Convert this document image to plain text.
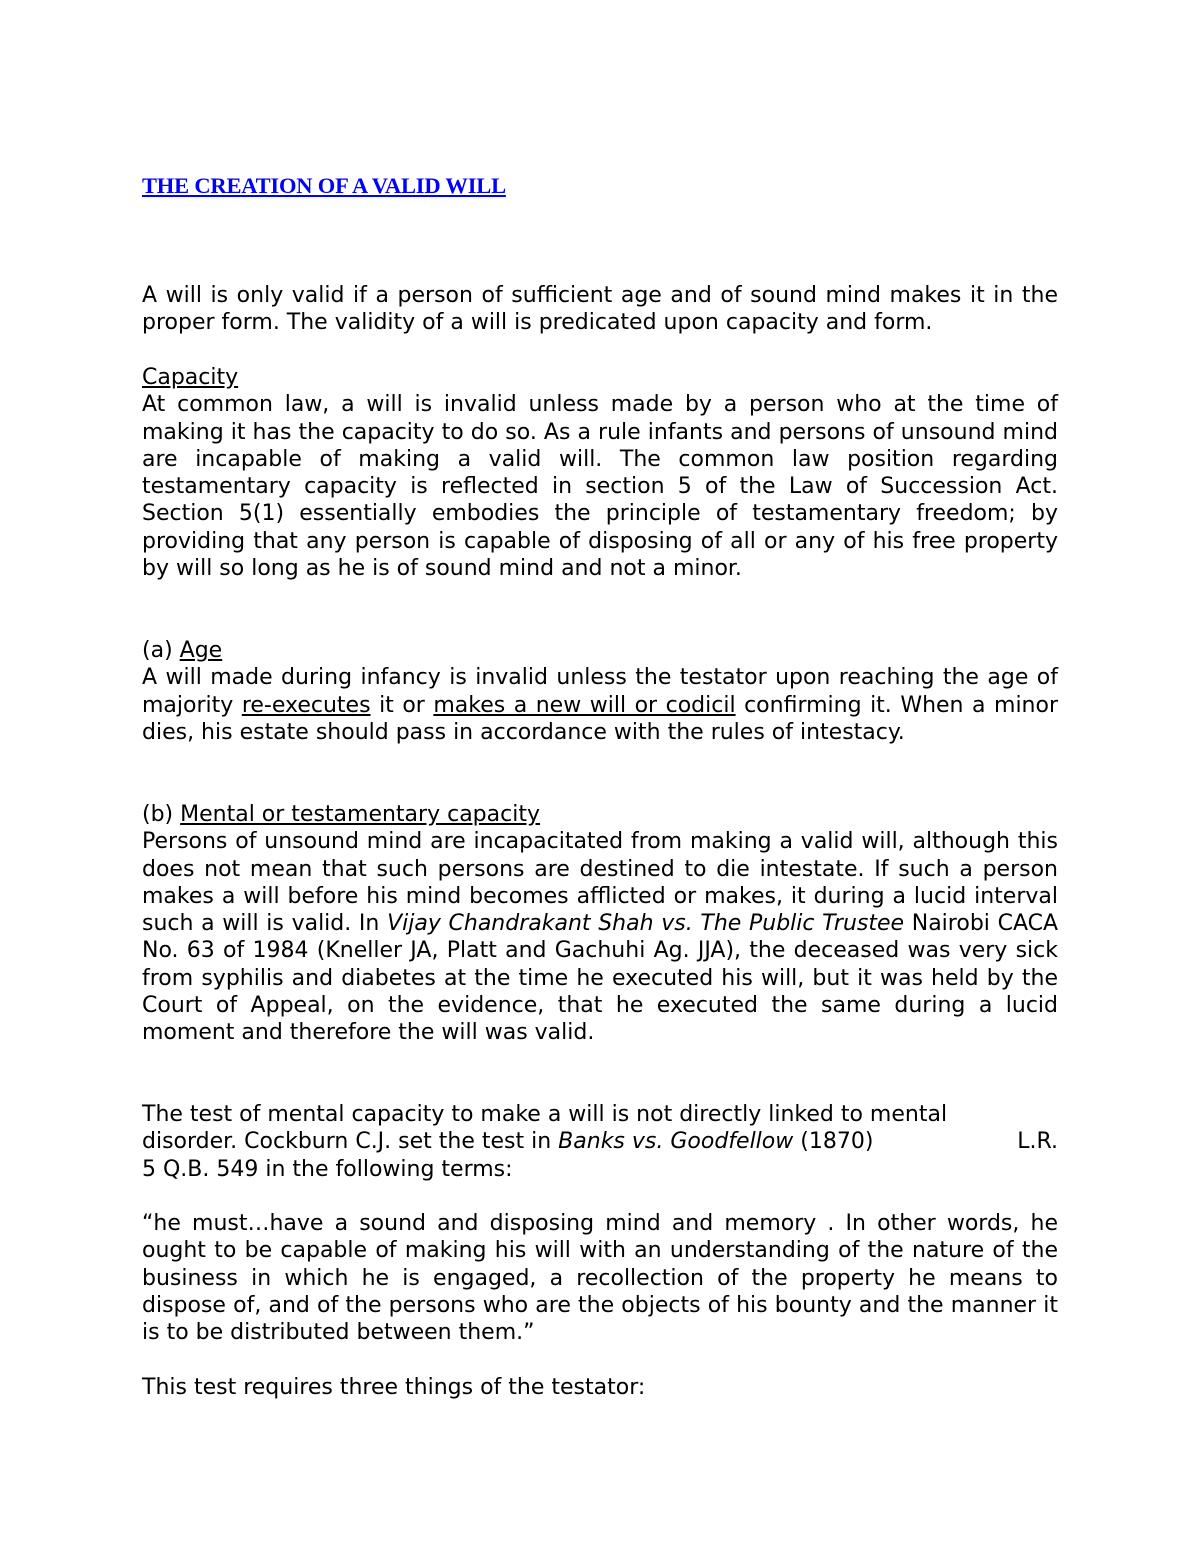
THE CREATION OF A VALID WILL

A will is only valid if a person of sufficient age and of sound mind makes it in the proper form. The validity of a will is predicated upon capacity and form.

Capacity
At common law, a will is invalid unless made by a person who at the time of making it has the capacity to do so. As a rule infants and persons of unsound mind are incapable of making a valid will. The common law position regarding testamentary capacity is reflected in section 5 of the Law of Succession Act. Section 5(1) essentially embodies the principle of testamentary freedom; by providing that any person is capable of disposing of all or any of his free property by will so long as he is of sound mind and not a minor.
(a) Age
A will made during infancy is invalid unless the testator upon reaching the age of majority re-executes it or makes a new will or codicil confirming it. When a minor dies, his estate should pass in accordance with the rules of intestacy.
(b) Mental or testamentary capacity
Persons of unsound mind are incapacitated from making a valid will, although this does not mean that such persons are destined to die intestate. If such a person makes a will before his mind becomes afflicted or makes, it during a lucid interval such a will is valid. In Vijay Chandrakant Shah vs. The Public Trustee Nairobi CACA No. 63 of 1984 (Kneller JA, Platt and Gachuhi Ag. JJA), the deceased was very sick from syphilis and diabetes at the time he executed his will, but it was held by the Court of Appeal, on the evidence, that he executed the same during a lucid moment and therefore the will was valid.
The test of mental capacity to make a will is not directly linked to mental
disorder. Cockburn C.J. set the test in Banks vs. Goodfellow (1870)	L.R.
5 Q.B. 549 in the following terms:

“he must…have a sound and disposing mind and memory . In other words, he ought to be capable of making his will with an understanding of the nature of the business in which he is engaged, a recollection of the property he means to dispose of, and of the persons who are the objects of his bounty and the manner it is to be distributed between them.”

This test requires three things of the testator:
